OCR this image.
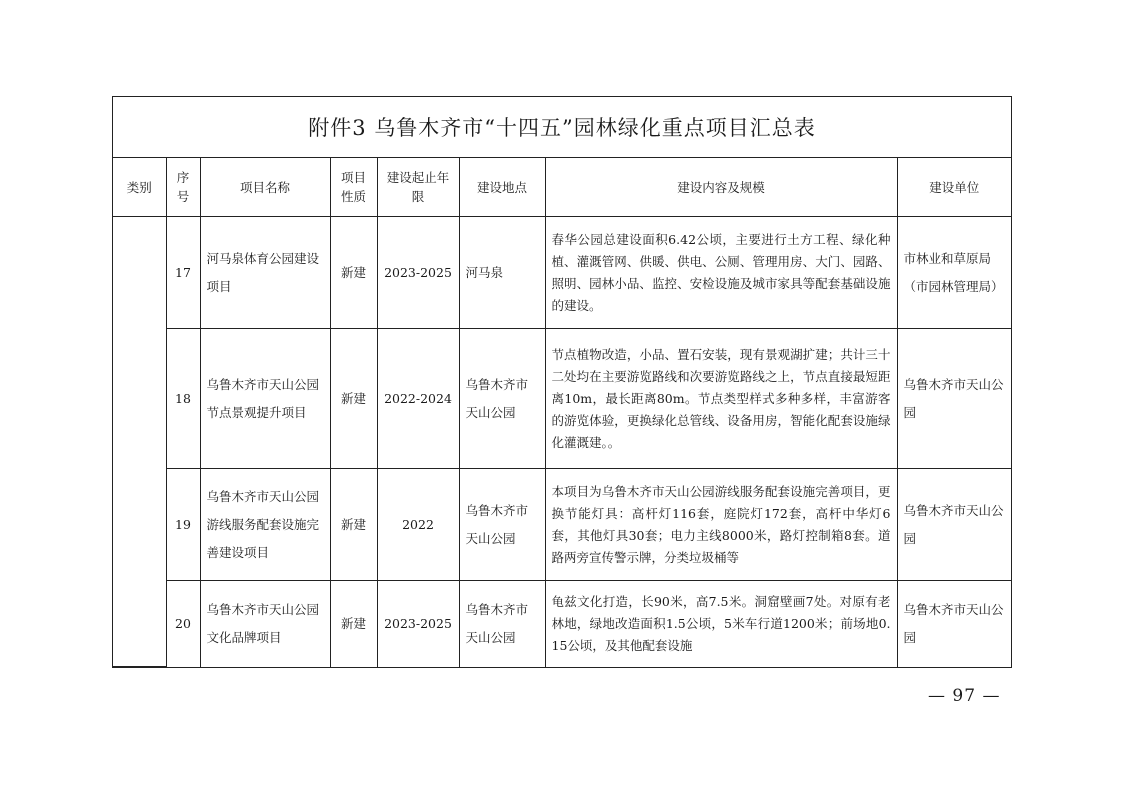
附件3 乌鲁木齐市“十四五”园林绿化重点项目汇总表
类别	序号	项目名称	项目性质	建设起止年限	建设地点	建设内容及规模	建设单位
	17	河马泉体育公园建设项目	新建	2023-2025	河马泉	春华公园总建设面积6.42公顷，主要进行土方工程、绿化种植、灌溉管网、供暖、供电、公厕、管理用房、大门、园路、照明、园林小品、监控、安检设施及城市家具等配套基础设施的建设。	市林业和草原局（市园林管理局）
	18	乌鲁木齐市天山公园节点景观提升项目	新建	2022-2024	乌鲁木齐市天山公园	节点植物改造，小品、置石安装，现有景观湖扩建；共计三十二处均在主要游览路线和次要游览路线之上，节点直接最短距离10m，最长距离80m。节点类型样式多种多样，丰富游客的游览体验，更换绿化总管线、设备用房，智能化配套设施绿化灌溉建。。	乌鲁木齐市天山公园
	19	乌鲁木齐市天山公园游线服务配套设施完善建设项目	新建	2022	乌鲁木齐市天山公园	本项目为乌鲁木齐市天山公园游线服务配套设施完善项目，更换节能灯具：高杆灯116套，庭院灯172套，高杆中华灯6套，其他灯具30套；电力主线8000米，路灯控制箱8套。道路两旁宣传警示牌，分类垃圾桶等	乌鲁木齐市天山公园
	20	乌鲁木齐市天山公园文化品牌项目	新建	2023-2025	乌鲁木齐市天山公园	龟兹文化打造，长90米，高7.5米。洞窟壁画7处。对原有老林地，绿地改造面积1.5公顷，5米车行道1200米；前场地0.15公顷，及其他配套设施	乌鲁木齐市天山公园
— 97 —
